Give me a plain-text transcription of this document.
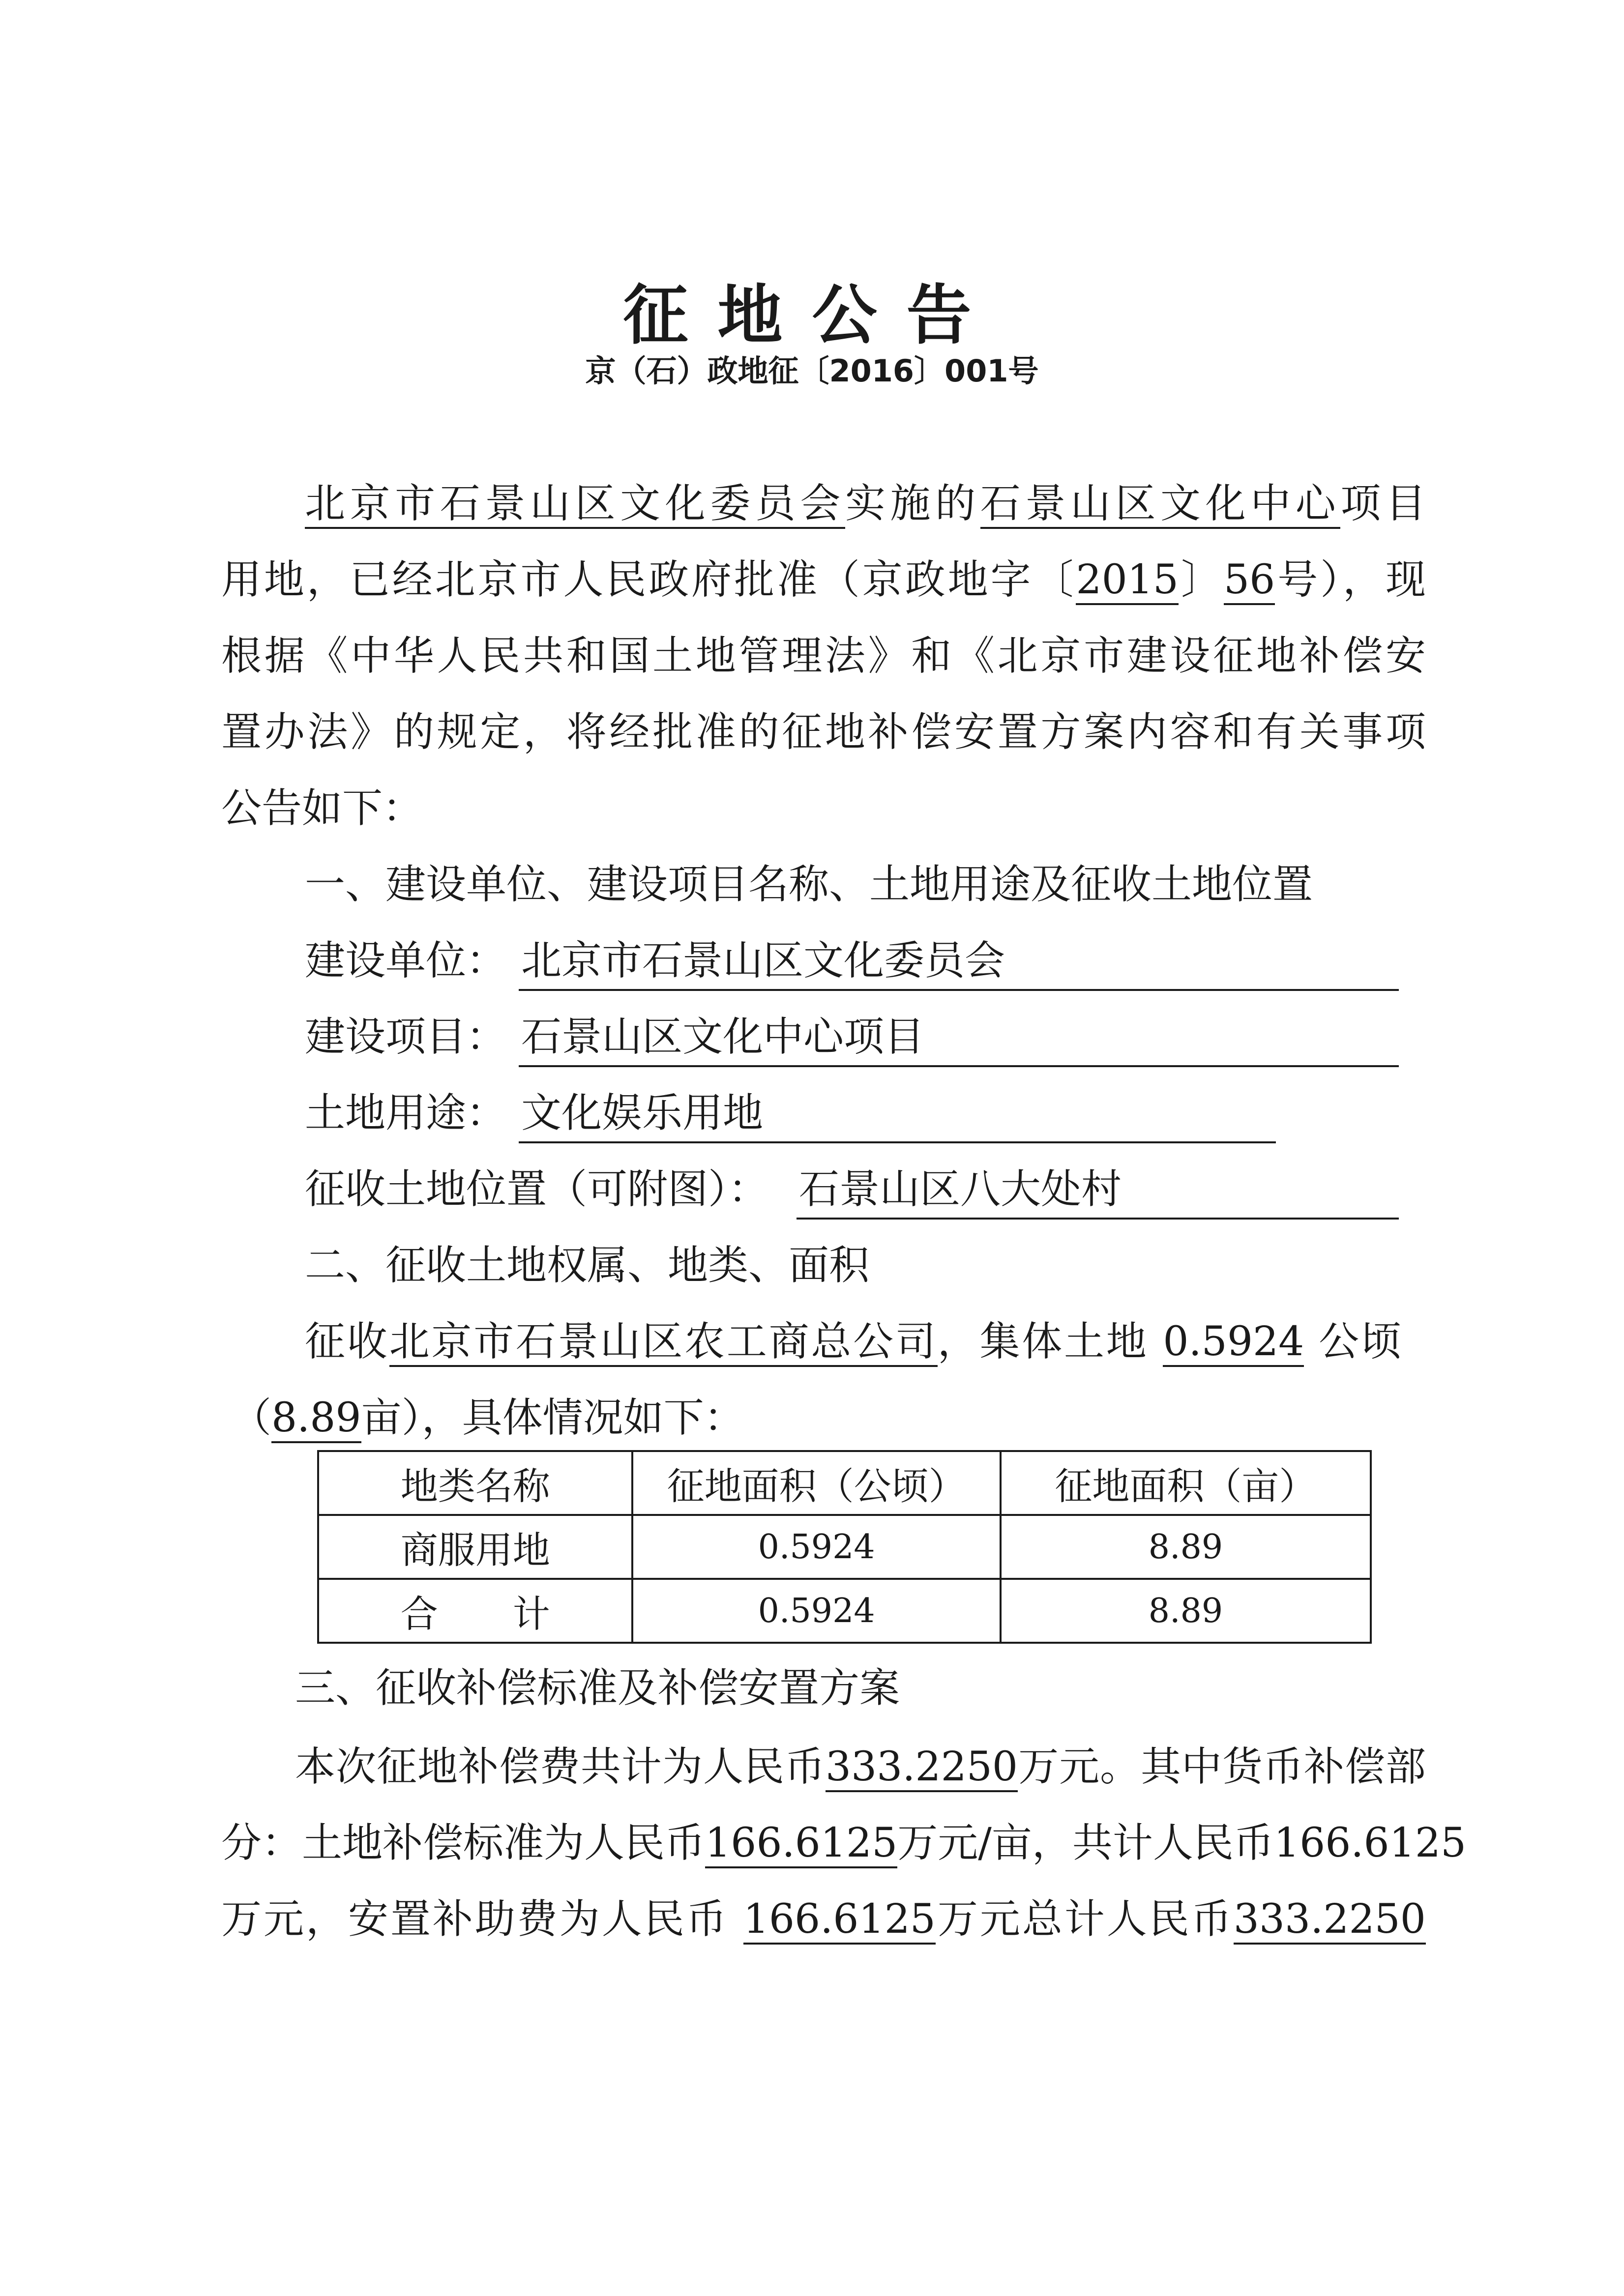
征地公告
京（石）政地征〔2016〕001号
北京市石景山区文化委员会实施的石景山区文化中心项目
用地，已经北京市人民政府批准（京政地字〔2015〕56号），现
根据《中华人民共和国土地管理法》和《北京市建设征地补偿安
置办法》的规定，将经批准的征地补偿安置方案内容和有关事项
公告如下：
一、建设单位、建设项目名称、土地用途及征收土地位置
建设单位： 北京市石景山区文化委员会
建设项目： 石景山区文化中心项目
土地用途： 文化娱乐用地
征收土地位置（可附图）： 石景山区八大处村
二、征收土地权属、地类、面积
征收北京市石景山区农工商总公司，集体土地 0.5924 公顷
（8.89亩），具体情况如下：
地类名称	征地面积（公顷）	征地面积（亩）
商服用地	0.5924	8.89
合　　计	0.5924	8.89
三、征收补偿标准及补偿安置方案
本次征地补偿费共计为人民币333.2250万元。其中货币补偿部
分：土地补偿标准为人民币166.6125万元/亩，共计人民币166.6125
万元，安置补助费为人民币 166.6125万元总计人民币333.2250
